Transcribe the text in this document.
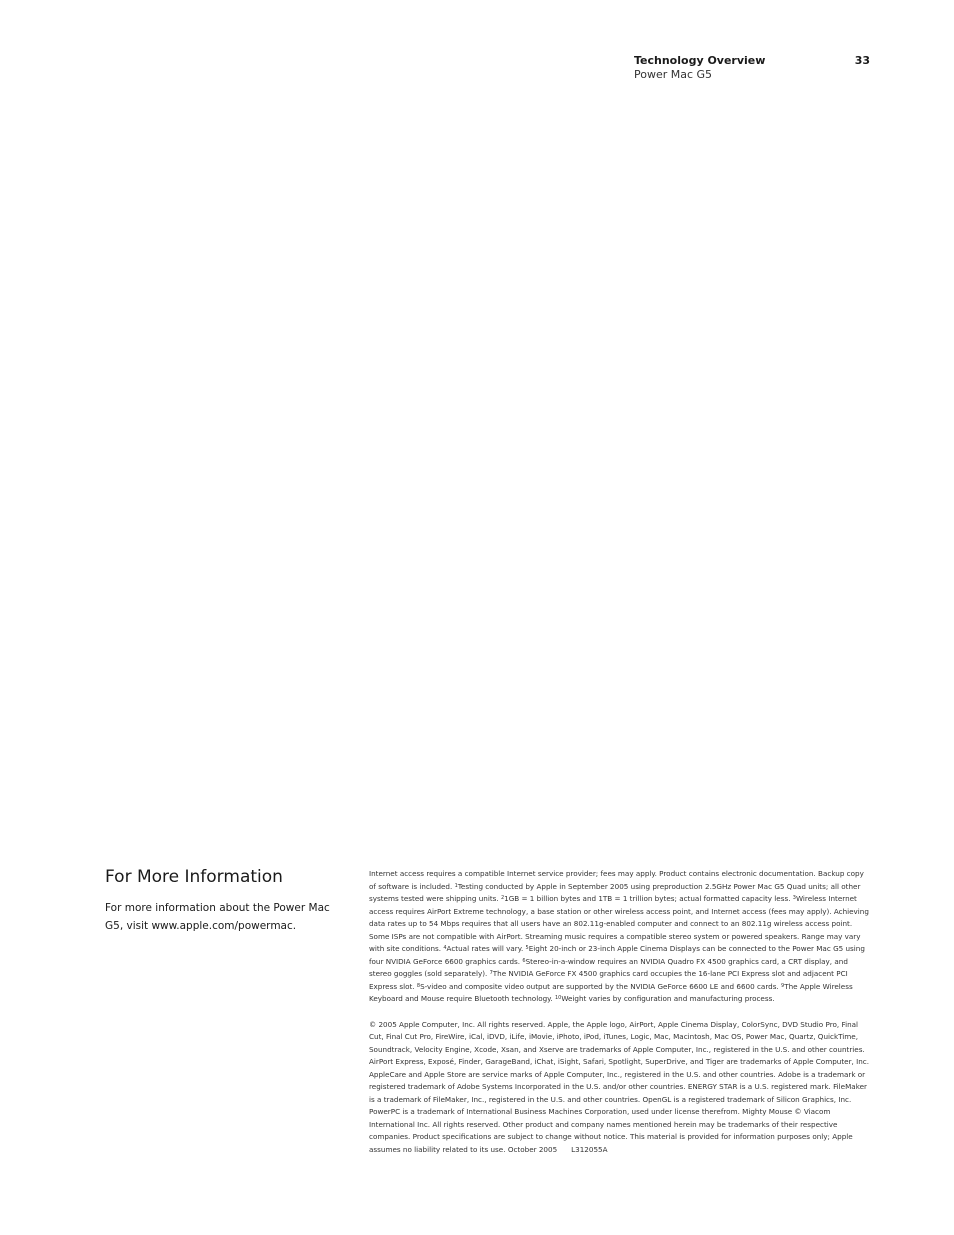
Technology Overview	33
Power Mac G5
For More Information

For more information about the Power Mac G5, visit www.apple.com/powermac.

Internet access requires a compatible Internet service provider; fees may apply. Product contains electronic documentation. Backup copy of software is included. $^1$Testing conducted by Apple in September 2005 using preproduction 2.5GHz Power Mac G5 Quad units; all other systems tested were shipping units. $^2$1GB = 1 billion bytes and 1TB = 1 trillion bytes; actual formatted capacity less. $^3$Wireless Internet access requires AirPort Extreme technology, a base station or other wireless access point, and Internet access (fees may apply). Achieving data rates up to 54 Mbps requires that all users have an 802.11g-enabled computer and connect to an 802.11g wireless access point. Some ISPs are not compatible with AirPort. Streaming music requires a compatible stereo system or powered speakers. Range may vary with site conditions. $^4$Actual rates will vary. $^5$Eight 20-inch or 23-inch Apple Cinema Displays can be connected to the Power Mac G5 using four NVIDIA GeForce 6600 graphics cards. $^6$Stereo-in-a-window requires an NVIDIA Quadro FX 4500 graphics card, a CRT display, and stereo goggles (sold separately). $^7$The NVIDIA GeForce FX 4500 graphics card occupies the 16-lane PCI Express slot and adjacent PCI Express slot. $^8$S-video and composite video output are supported by the NVIDIA GeForce 6600 LE and 6600 cards. $^9$The Apple Wireless Keyboard and Mouse require Bluetooth technology. $^{10}$Weight varies by configuration and manufacturing process.

© 2005 Apple Computer, Inc. All rights reserved. Apple, the Apple logo, AirPort, Apple Cinema Display, ColorSync, DVD Studio Pro, Final Cut, Final Cut Pro, FireWire, iCal, iDVD, iLife, iMovie, iPhoto, iPod, iTunes, Logic, Mac, Macintosh, Mac OS, Power Mac, Quartz, QuickTime, Soundtrack, Velocity Engine, Xcode, Xsan, and Xserve are trademarks of Apple Computer, Inc., registered in the U.S. and other countries. AirPort Express, Exposé, Finder, GarageBand, iChat, iSight, Safari, Spotlight, SuperDrive, and Tiger are trademarks of Apple Computer, Inc. AppleCare and Apple Store are service marks of Apple Computer, Inc., registered in the U.S. and other countries. Adobe is a trademark or registered trademark of Adobe Systems Incorporated in the U.S. and/or other countries. ENERGY STAR is a U.S. registered mark. FileMaker is a trademark of FileMaker, Inc., registered in the U.S. and other countries. OpenGL is a registered trademark of Silicon Graphics, Inc. PowerPC is a trademark of International Business Machines Corporation, used under license therefrom. Mighty Mouse © Viacom International Inc. All rights reserved. Other product and company names mentioned herein may be trademarks of their respective companies. Product specifications are subject to change without notice. This material is provided for information purposes only; Apple assumes no liability related to its use. October 2005 L312055A
